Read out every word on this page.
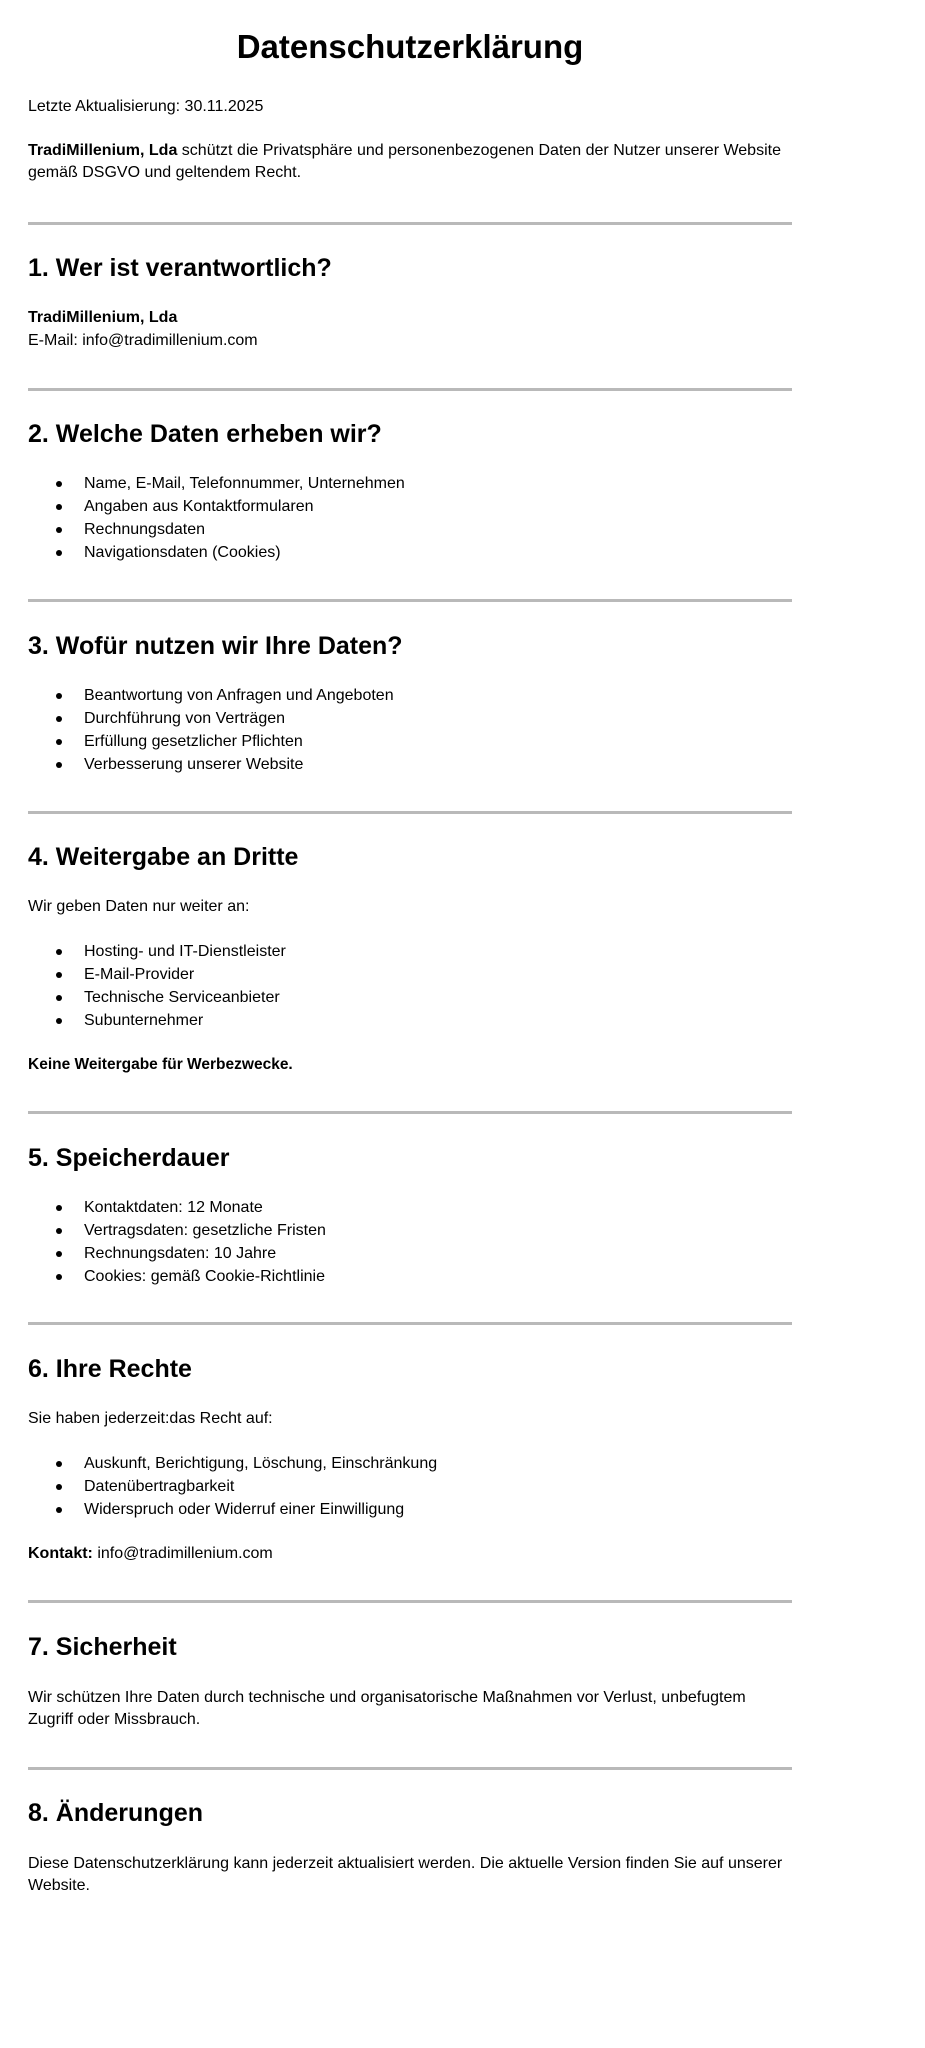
Datenschutzerklärung

Letzte Aktualisierung: 30.11.2025

TradiMillenium, Lda schützt die Privatsphäre und personenbezogenen Daten der Nutzer unserer Website gemäß DSGVO und geltendem Recht.

1. Wer ist verantwortlich?

TradiMillenium, Lda

E-Mail: info@tradimillenium.com

2. Welche Daten erheben wir?
Name, E-Mail, Telefonnummer, Unternehmen
Angaben aus Kontaktformularen
Rechnungsdaten
Navigationsdaten (Cookies)
3. Wofür nutzen wir Ihre Daten?
Beantwortung von Anfragen und Angeboten
Durchführung von Verträgen
Erfüllung gesetzlicher Pflichten
Verbesserung unserer Website
4. Weitergabe an Dritte

Wir geben Daten nur weiter an:

Hosting- und IT-Dienstleister
E-Mail-Provider
Technische Serviceanbieter
Subunternehmer

Keine Weitergabe für Werbezwecke.

5. Speicherdauer
Kontaktdaten: 12 Monate
Vertragsdaten: gesetzliche Fristen
Rechnungsdaten: 10 Jahre
Cookies: gemäß Cookie-Richtlinie
6. Ihre Rechte

Sie haben jederzeit:das Recht auf:

Auskunft, Berichtigung, Löschung, Einschränkung
Datenübertragbarkeit
Widerspruch oder Widerruf einer Einwilligung

Kontakt: info@tradimillenium.com

7. Sicherheit

Wir schützen Ihre Daten durch technische und organisatorische Maßnahmen vor Verlust, unbefugtem Zugriff oder Missbrauch.

8. Änderungen

Diese Datenschutzerklärung kann jederzeit aktualisiert werden. Die aktuelle Version finden Sie auf unserer Website.
